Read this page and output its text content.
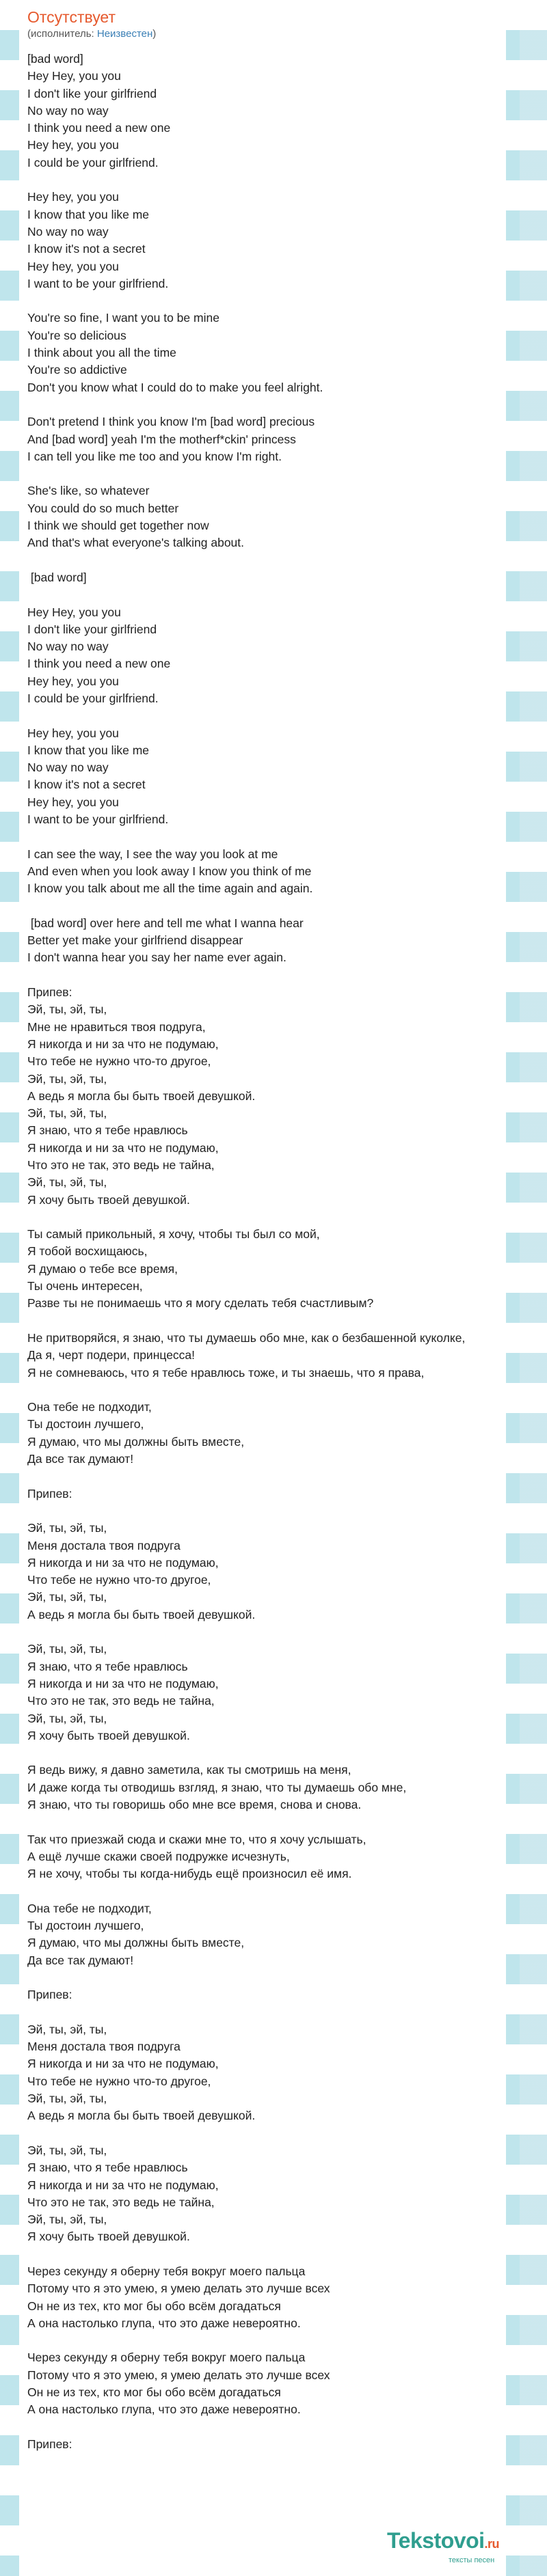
Отсутствует
(исполнитель: Неизвестен)
[bad word]
Hey Hey, you you
I don't like your girlfriend
No way no way
I think you need a new one
Hey hey, you you
I could be your girlfriend.

Hey hey, you you
I know that you like me
No way no way
I know it's not a secret
Hey hey, you you
I want to be your girlfriend.

You're so fine, I want you to be mine
You're so delicious
I think about you all the time
You're so addictive
Don't you know what I could do to make you feel alright.

Don't pretend I think you know I'm [bad word] precious
And [bad word] yeah I'm the motherf*ckin' princess
I can tell you like me too and you know I'm right.

She's like, so whatever
You could do so much better
I think we should get together now
And that's what everyone's talking about.

[bad word]

Hey Hey, you you
I don't like your girlfriend
No way no way
I think you need a new one
Hey hey, you you
I could be your girlfriend.

Hey hey, you you
I know that you like me
No way no way
I know it's not a secret
Hey hey, you you
I want to be your girlfriend.

I can see the way, I see the way you look at me
And even when you look away I know you think of me
I know you talk about me all the time again and again.

[bad word] over here and tell me what I wanna hear
Better yet make your girlfriend disappear
I don't wanna hear you say her name ever again.

Припев:
Эй, ты, эй, ты,
Мне не нравиться твоя подруга,
Я никогда и ни за что не подумаю,
Что тебе не нужно что-то другое,
Эй, ты, эй, ты,
А ведь я могла бы быть твоей девушкой.
Эй, ты, эй, ты,
Я знаю, что я тебе нравлюсь
Я никогда и ни за что не подумаю,
Что это не так, это ведь не тайна,
Эй, ты, эй, ты,
Я хочу быть твоей девушкой.

Ты самый прикольный, я хочу, чтобы ты был со мой,
Я тобой восхищаюсь,
Я думаю о тебе все время,
Ты очень интересен,
Разве ты не понимаешь что я могу сделать тебя счастливым?

Не притворяйся, я знаю, что ты думаешь обо мне, как о безбашенной куколке,
Да я, черт подери, принцесса!
Я не сомневаюсь, что я тебе нравлюсь тоже, и ты знаешь, что я права,

Она тебе не подходит,
Ты достоин лучшего,
Я думаю, что мы должны быть вместе,
Да все так думают!

Припев:

Эй, ты, эй, ты,
Меня достала твоя подруга
Я никогда и ни за что не подумаю,
Что тебе не нужно что-то другое,
Эй, ты, эй, ты,
А ведь я могла бы быть твоей девушкой.

Эй, ты, эй, ты,
Я знаю, что я тебе нравлюсь
Я никогда и ни за что не подумаю,
Что это не так, это ведь не тайна,
Эй, ты, эй, ты,
Я хочу быть твоей девушкой.

Я ведь вижу, я давно заметила, как ты смотришь на меня,
И даже когда ты отводишь взгляд, я знаю, что ты думаешь обо мне,
Я знаю, что ты говоришь обо мне все время, снова и снова.

Так что приезжай сюда и скажи мне то, что я хочу услышать,
А ещё лучше скажи своей подружке исчезнуть,
Я не хочу, чтобы ты когда-нибудь ещё произносил её имя.

Она тебе не подходит,
Ты достоин лучшего,
Я думаю, что мы должны быть вместе,
Да все так думают!

Припев:

Эй, ты, эй, ты,
Меня достала твоя подруга
Я никогда и ни за что не подумаю,
Что тебе не нужно что-то другое,
Эй, ты, эй, ты,
А ведь я могла бы быть твоей девушкой.

Эй, ты, эй, ты,
Я знаю, что я тебе нравлюсь
Я никогда и ни за что не подумаю,
Что это не так, это ведь не тайна,
Эй, ты, эй, ты,
Я хочу быть твоей девушкой.

Через секунду я оберну тебя вокруг моего пальца
Потому что я это умею, я умею делать это лучше всех
Он не из тех, кто мог бы обо всём догадаться
А она настолько глупа, что это даже невероятно.

Через секунду я оберну тебя вокруг моего пальца
Потому что я это умею, я умею делать это лучше всех
Он не из тех, кто мог бы обо всём догадаться
А она настолько глупа, что это даже невероятно.

Припев:
Tekstovoi.ru
тексты песен
